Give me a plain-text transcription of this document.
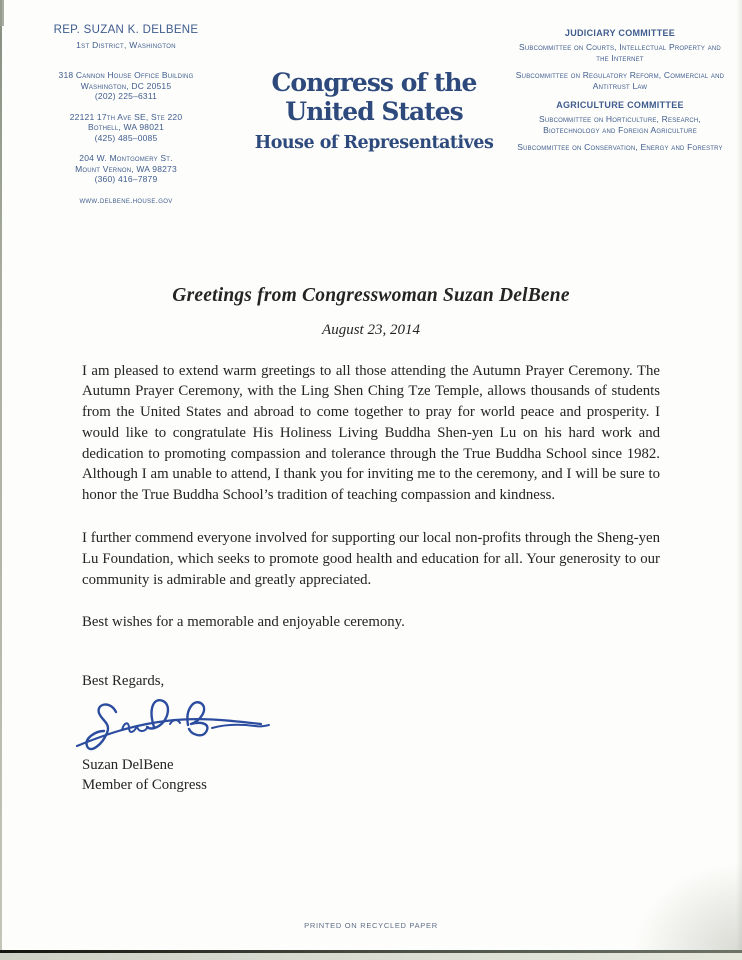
REP. SUZAN K. DELBENE
1st District, Washington
318 Cannon House Office Building
Washington, DC 20515
(202) 225–6311
22121 17th Ave SE, Ste 220
Bothell, WA 98021
(425) 485–0085
204 W. Montgomery St.
Mount Vernon, WA 98273
(360) 416–7879
www.delbene.house.gov
Congress of the United States
House of Representatives
JUDICIARY COMMITTEE
Subcommittee on Courts, Intellectual Property and the Internet
Subcommittee on Regulatory Reform, Commercial and Antitrust Law
AGRICULTURE COMMITTEE
Subcommittee on Horticulture, Research, Biotechnology and Foreign Agriculture
Subcommittee on Conservation, Energy and Forestry
Greetings from Congresswoman Suzan DelBene
August 23, 2014

I am pleased to extend warm greetings to all those attending the Autumn Prayer Ceremony. The Autumn Prayer Ceremony, with the Ling Shen Ching Tze Temple, allows thousands of students from the United States and abroad to come together to pray for world peace and prosperity. I would like to congratulate His Holiness Living Buddha Shen-yen Lu on his hard work and dedication to promoting compassion and tolerance through the True Buddha School since 1982. Although I am unable to attend, I thank you for inviting me to the ceremony, and I will be sure to honor the True Buddha School’s tradition of teaching compassion and kindness.

I further commend everyone involved for supporting our local non-profits through the Sheng-yen Lu Foundation, which seeks to promote good health and education for all. Your generosity to our community is admirable and greatly appreciated.

Best wishes for a memorable and enjoyable ceremony.

Best Regards,
Suzan DelBene
Member of Congress
PRINTED ON RECYCLED PAPER
